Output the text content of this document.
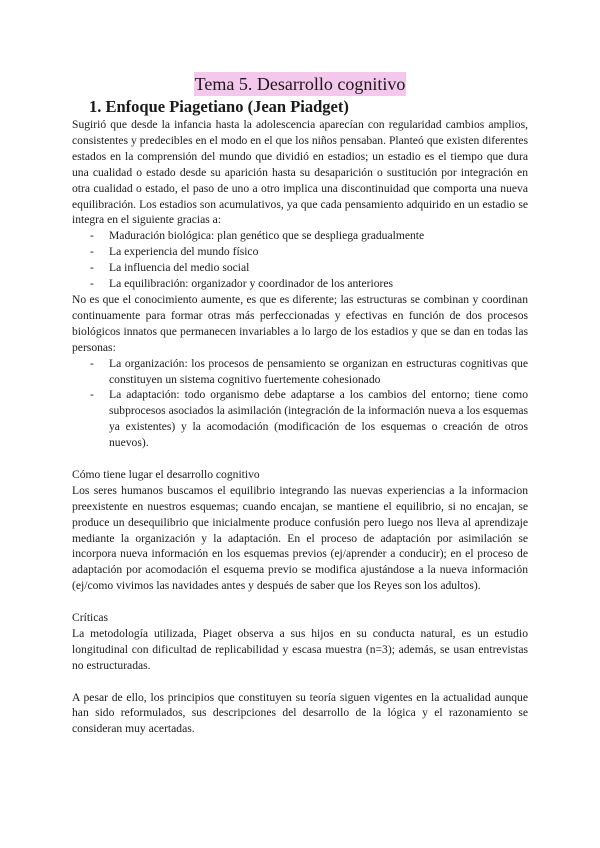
Tema 5. Desarrollo cognitivo
1. Enfoque Piagetiano (Jean Piadget)

Sugirió que desde la infancia hasta la adolescencia aparecían con regularidad cambios amplios, consistentes y predecibles en el modo en el que los niños pensaban. Planteó que existen diferentes estados en la comprensión del mundo que dividió en estadios; un estadio es el tiempo que dura una cualidad o estado desde su aparición hasta su desaparición o sustitución por integración en otra cualidad o estado, el paso de uno a otro implica una discontinuidad que comporta una nueva equilibración. Los estadios son acumulativos, ya que cada pensamiento adquirido en un estadio se integra en el siguiente gracias a:

- Maduración biológica: plan genético que se despliega gradualmente
- La experiencia del mundo físico
- La influencia del medio social
- La equilibración: organizador y coordinador de los anteriores

No es que el conocimiento aumente, es que es diferente; las estructuras se combinan y coordinan continuamente para formar otras más perfeccionadas y efectivas en función de dos procesos biológicos innatos que permanecen invariables a lo largo de los estadios y que se dan en todas las personas:

- La organización: los procesos de pensamiento se organizan en estructuras cognitivas que constituyen un sistema cognitivo fuertemente cohesionado
- La adaptación: todo organismo debe adaptarse a los cambios del entorno; tiene como subprocesos asociados la asimilación (integración de la información nueva a los esquemas ya existentes) y la acomodación (modificación de los esquemas o creación de otros nuevos).

Cómo tiene lugar el desarrollo cognitivo

Los seres humanos buscamos el equilibrio integrando las nuevas experiencias a la informacion preexistente en nuestros esquemas; cuando encajan, se mantiene el equilibrio, si no encajan, se produce un desequilibrio que inicialmente produce confusión pero luego nos lleva al aprendizaje mediante la organización y la adaptación. En el proceso de adaptación por asimilación se incorpora nueva información en los esquemas previos (ej/aprender a conducir); en el proceso de adaptación por acomodación el esquema previo se modifica ajustándose a la nueva información (ej/como vivimos las navidades antes y después de saber que los Reyes son los adultos).

Críticas

La metodología utilizada, Piaget observa a sus hijos en su conducta natural, es un estudio longitudinal con dificultad de replicabilidad y escasa muestra (n=3); además, se usan entrevistas no estructuradas.

A pesar de ello, los principios que constituyen su teoría siguen vigentes en la actualidad aunque han sido reformulados, sus descripciones del desarrollo de la lógica y el razonamiento se consideran muy acertadas.
